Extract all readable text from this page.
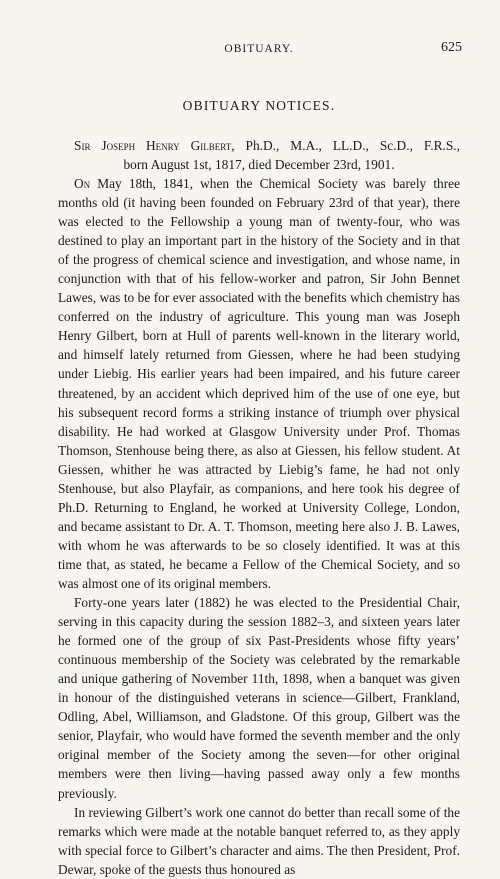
OBITUARY.	625
OBITUARY NOTICES.
Sir Joseph Henry Gilbert, Ph.D., M.A., LL.D., Sc.D., F.R.S.,
born August 1st, 1817, died December 23rd, 1901.

On May 18th, 1841, when the Chemical Society was barely three months old (it having been founded on February 23rd of that year), there was elected to the Fellowship a young man of twenty-four, who was destined to play an important part in the history of the Society and in that of the progress of chemical science and investigation, and whose name, in conjunction with that of his fellow-worker and patron, Sir John Bennet Lawes, was to be for ever associated with the benefits which chemistry has conferred on the industry of agriculture. This young man was Joseph Henry Gilbert, born at Hull of parents well-known in the literary world, and himself lately returned from Giessen, where he had been studying under Liebig. His earlier years had been impaired, and his future career threatened, by an accident which deprived him of the use of one eye, but his subsequent record forms a striking instance of triumph over physical disability. He had worked at Glasgow University under Prof. Thomas Thomson, Stenhouse being there, as also at Giessen, his fellow student. At Giessen, whither he was attracted by Liebig’s fame, he had not only Stenhouse, but also Playfair, as companions, and here took his degree of Ph.D. Returning to England, he worked at University College, London, and became assistant to Dr. A. T. Thomson, meeting here also J. B. Lawes, with whom he was afterwards to be so closely identified. It was at this time that, as stated, he became a Fellow of the Chemical Society, and so was almost one of its original members.

Forty-one years later (1882) he was elected to the Presidential Chair, serving in this capacity during the session 1882–3, and sixteen years later he formed one of the group of six Past-Presidents whose fifty years’ continuous membership of the Society was celebrated by the remarkable and unique gathering of November 11th, 1898, when a banquet was given in honour of the distinguished veterans in science—Gilbert, Frankland, Odling, Abel, Williamson, and Gladstone. Of this group, Gilbert was the senior, Playfair, who would have formed the seventh member and the only original member of the Society among the seven—for other original members were then living—having passed away only a few months previously.

In reviewing Gilbert’s work one cannot do better than recall some of the remarks which were made at the notable banquet referred to, as they apply with special force to Gilbert’s character and aims. The then President, Prof. Dewar, spoke of the guests thus honoured as
